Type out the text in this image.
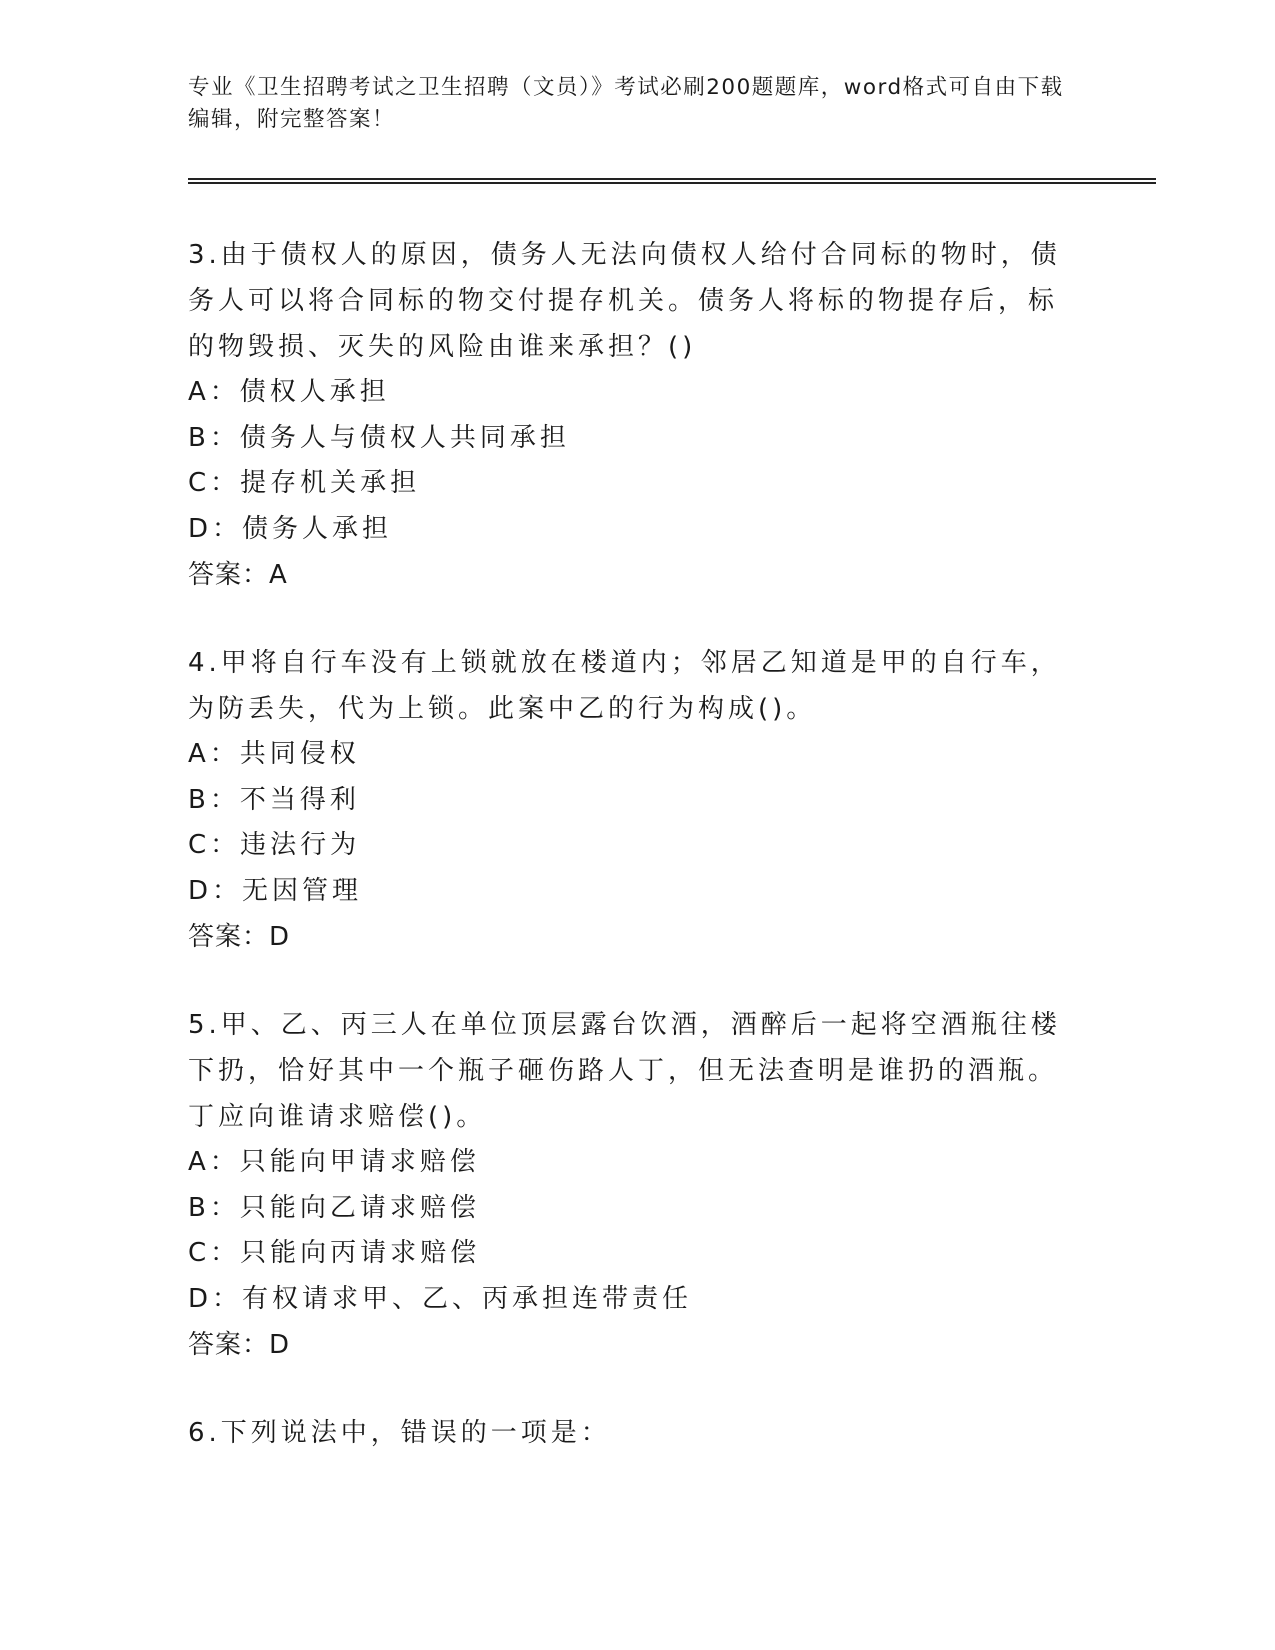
专业《卫生招聘考试之卫生招聘（文员）》考试必刷200题题库，word格式可自由下载编辑，附完整答案！
3.由于债权人的原因，债务人无法向债权人给付合同标的物时，债务人可以将合同标的物交付提存机关。债务人将标的物提存后，标的物毁损、灭失的风险由谁来承担？()
A：债权人承担
B：债务人与债权人共同承担
C：提存机关承担
D：债务人承担
答案：A
4.甲将自行车没有上锁就放在楼道内；邻居乙知道是甲的自行车，为防丢失，代为上锁。此案中乙的行为构成()。
A：共同侵权
B：不当得利
C：违法行为
D：无因管理
答案：D
5.甲、乙、丙三人在单位顶层露台饮酒，酒醉后一起将空酒瓶往楼下扔，恰好其中一个瓶子砸伤路人丁，但无法查明是谁扔的酒瓶。丁应向谁请求赔偿()。
A：只能向甲请求赔偿
B：只能向乙请求赔偿
C：只能向丙请求赔偿
D：有权请求甲、乙、丙承担连带责任
答案：D
6.下列说法中，错误的一项是：
